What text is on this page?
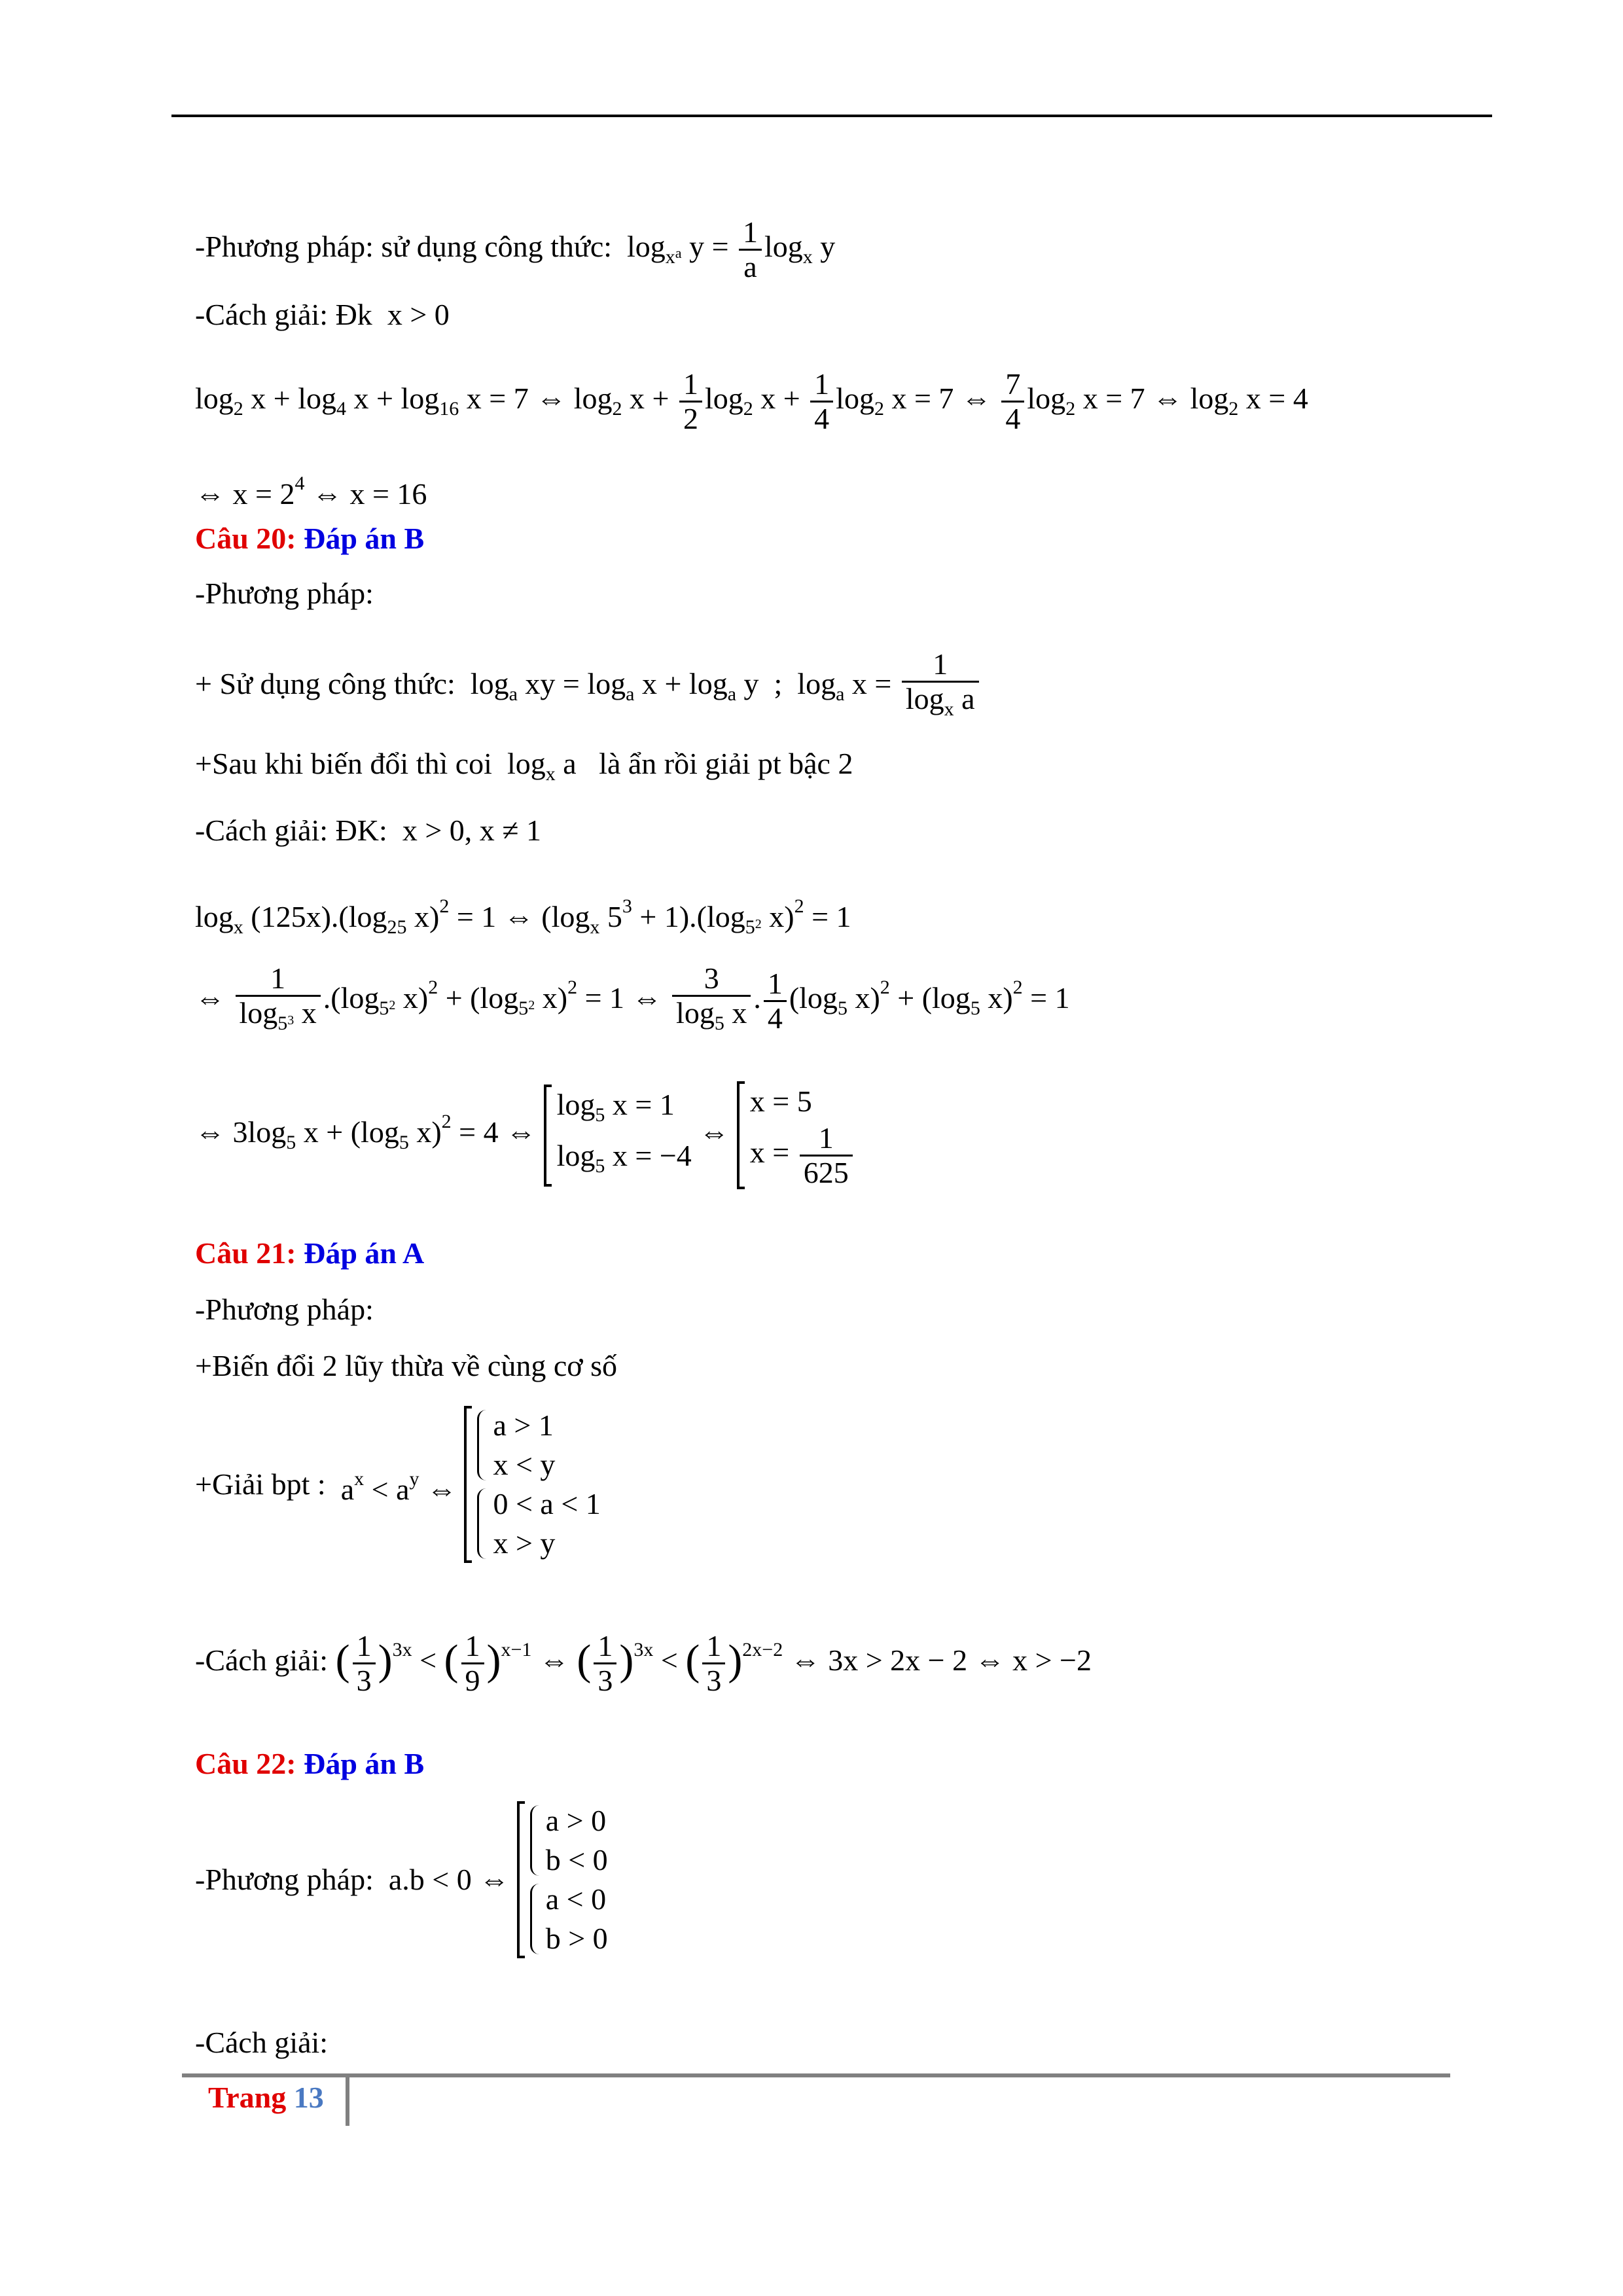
-Phương pháp: sử dụng công thức:  $\log_{x^a} y = \frac{1}{a} \log_x y$
-Cách giải: Đk x > 0
$\log_2 x + \log_4 x + \log_{16} x = 7$ ⇔ $\log_2 x + \frac{1}{2} \log_2 x + \frac{1}{4} \log_2 x = 7$ ⇔ $\frac{7}{4} \log_2 x = 7$ ⇔ $\log_2 x = 4$
⇔ $x = 2^4$ ⇔ x = 16
Câu 20: Đáp án B
-Phương pháp:
+ Sử dụng công thức:  $\log_a$ xy = $\log_a x + \log_a y$  ;  $\log_a x = \frac{1}{\log_x a}$
+Sau khi biến đổi thì coi  $\log_x a$   là ẩn rồi giải pt bậc 2
-Cách giải: ĐK: x > 0, x ≠ 1
$\log_x (125x).(\log_{25}$ x)$^2$ = 1 ⇔ ($\log_x$ $5^3 + 1).(\log_{5^2}$ x)$^2$ = 1
⇔ $\frac{1}{\log_{5^3} x} .(\log_{5^2}$ $x)^2 + (\log_{5^2}$ x)$^2$ = 1 ⇔ $\frac{3}{\log_5 x}$ . $\frac{1}{4} (\log_5$ $x)^2 + (\log_5$ x)$^2$ = 1
⇔ $3\log_5$ $x + (\log_5$ x)$^2$ = 4 ⇔
$\log_5 x = 1$
$\log_5 x = -4$
⇔
x = 5
$x = \frac{1}{625}$
Câu 21: Đáp án A
-Phương pháp:
+Biến đổi 2 lũy thừa về cùng cơ số
+Giải bpt : $a^x < a^y$ ⇔
a > 1
x < y

0 < a < 1
x > y
-Cách giải: ( $\frac{1}{3} )^{3x}$ < ( $\frac{1}{9} )^{x-1}$ ⇔ ( $\frac{1}{3} )^{3x}$ < ( $\frac{1}{3} )^{2x-2}$ ⇔ 3x > 2x − 2 ⇔ x > −2
Câu 22: Đáp án B
-Phương pháp: a.b < 0 ⇔
a > 0
b < 0

a < 0
b > 0
-Cách giải:
Trang 13
